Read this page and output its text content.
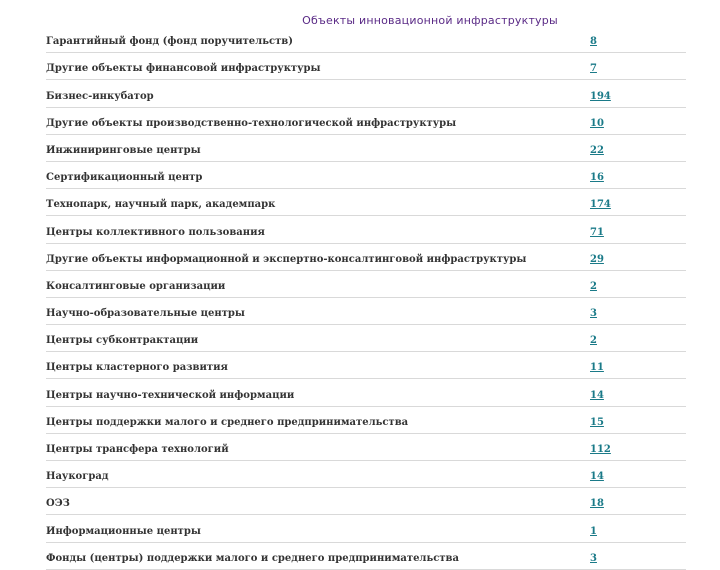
Объекты инновационной инфраструктуры
Гарантийный фонд (фонд поручительств)	8
Другие объекты финансовой инфраструктуры	7
Бизнес-инкубатор	194
Другие объекты производственно-технологической инфраструктуры	10
Инжиниринговые центры	22
Сертификационный центр	16
Технопарк, научный парк, академпарк	174
Центры коллективного пользования	71
Другие объекты информационной и экспертно-консалтинговой инфраструктуры	29
Консалтинговые организации	2
Научно-образовательные центры	3
Центры субконтрактации	2
Центры кластерного развития	11
Центры научно-технической информации	14
Центры поддержки малого и среднего предпринимательства	15
Центры трансфера технологий	112
Наукоград	14
ОЭЗ	18
Информационные центры	1
Фонды (центры) поддержки малого и среднего предпринимательства	3
